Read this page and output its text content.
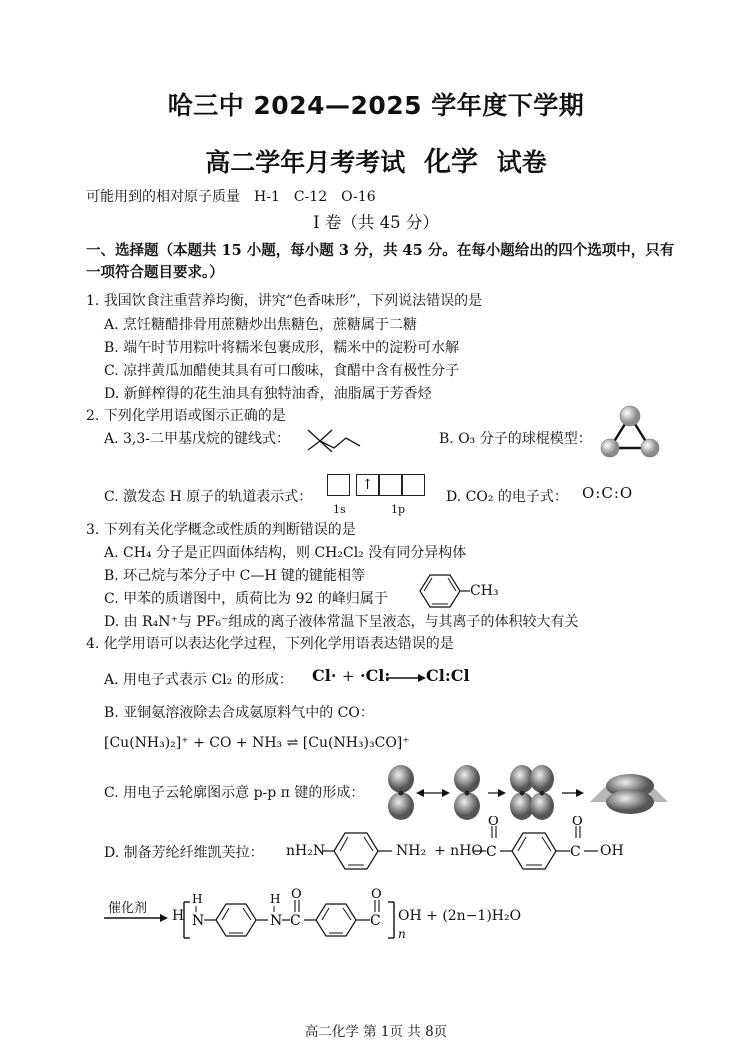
哈三中 2024—2025 学年度下学期
高二学年月考考试 化学 试卷
可能用到的相对原子质量　H-1　C-12　O-16
I 卷（共 45 分）
一、选择题（本题共 15 小题，每小题 3 分，共 45 分。在每小题给出的四个选项中，只有一项符合题目要求。）
1. 我国饮食注重营养均衡，讲究“色香味形”，下列说法错误的是
A. 烹饪糖醋排骨用蔗糖炒出焦糖色，蔗糖属于二糖
B. 端午时节用粽叶将糯米包裹成形，糯米中的淀粉可水解
C. 凉拌黄瓜加醋使其具有可口酸味，食醋中含有极性分子
D. 新鲜榨得的花生油具有独特油香，油脂属于芳香烃
2. 下列化学用语或图示正确的是
A. 3,3-二甲基戊烷的键线式：	B. O₃ 分子的球棍模型：
C. 激发态 H 原子的轨道表示式：
↑
1s	1p
D. CO₂ 的电子式： O:C:O
3. 下列有关化学概念或性质的判断错误的是
A. CH₄ 分子是正四面体结构，则 CH₂Cl₂ 没有同分异构体
B. 环己烷与苯分子中 C—H 键的键能相等
C. 甲苯的质谱图中，质荷比为 92 的峰归属于	CH₃
D. 由 R₄N⁺与 PF₆⁻组成的离子液体常温下呈液态，与其离子的体积较大有关
4. 化学用语可以表达化学过程，下列化学用语表达错误的是
A. 用电子式表示 Cl₂ 的形成： Cl· + ·Cl: Cl:Cl
B. 亚铜氨溶液除去合成氨原料气中的 CO：
[Cu(NH₃)₂]⁺ + CO + NH₃ ⇌ [Cu(NH₃)₃CO]⁺
C. 用电子云轮廓图示意 p-p π 键的形成：
D. 制备芳纶纤维凯芙拉： nH₂N	NH₂ + nHO C
O
C
O
OH
催化剂 H N
H
N
H
C
O
C
O
n
OH + (2n−1)H₂O
高二化学 第 1页 共 8页
